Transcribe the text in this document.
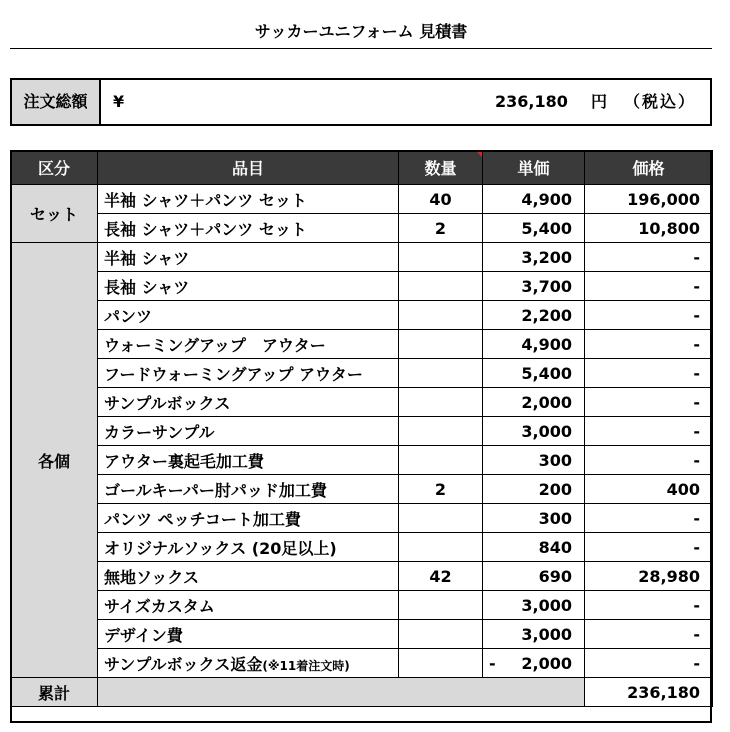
サッカーユニフォーム 見積書
注文総額	¥	236,180 円 （税込）
区分	品目	数量	単価	価格
セット	半袖 シャツ＋パンツ セット	40	4,900	196,000
	長袖 シャツ＋パンツ セット	2	5,400	10,800
各個	半袖 シャツ		3,200	-
	長袖 シャツ		3,700	-
	パンツ		2,200	-
	ウォーミングアップ　アウター		4,900	-
	フードウォーミングアップ アウター		5,400	-
	サンプルボックス		2,000	-
	カラーサンプル		3,000	-
	アウター裏起毛加工費		300	-
	ゴールキーパー肘パッド加工費	2	200	400
	パンツ ペッチコート加工費		300	-
	オリジナルソックス (20足以上)		840	-
	無地ソックス	42	690	28,980
	サイズカスタム		3,000	-
	デザイン費		3,000	-
	サンプルボックス返金(※11着注文時)		- 2,000	-
累計				236,180
